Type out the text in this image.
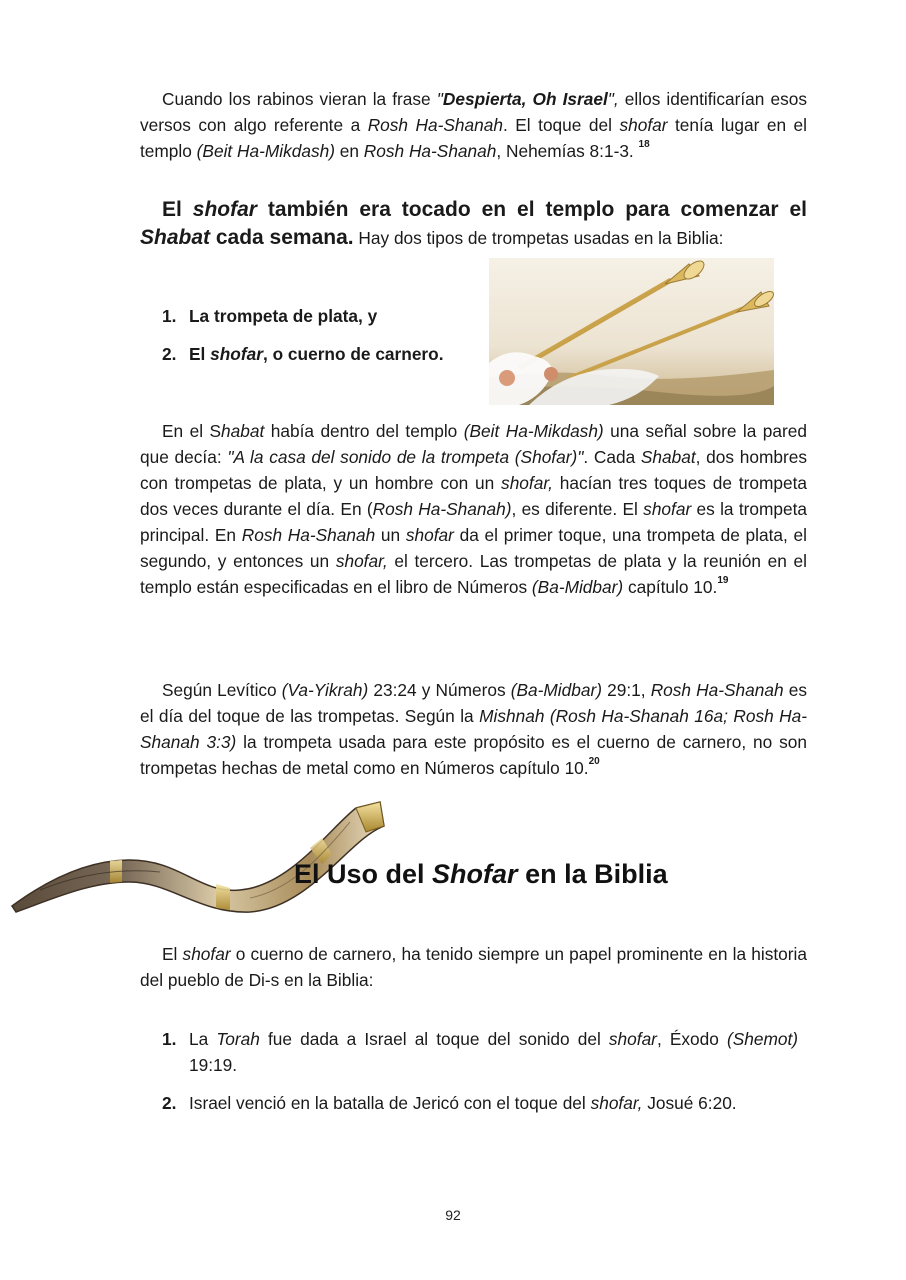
Cuando los rabinos vieran la frase "Despierta, Oh Israel", ellos identificarían esos versos con algo referente a Rosh Ha-Shanah. El toque del shofar tenía lugar en el templo (Beit Ha-Mikdash) en Rosh Ha-Shanah, Nehemías 8:1-3. $^{18}$

El shofar también era tocado en el templo para comenzar el Shabat cada semana. Hay dos tipos de trompetas usadas en la Biblia:

1. La trompeta de plata, y
2. El shofar, o cuerno de carnero.

En el Shabat había dentro del templo (Beit Ha-Mikdash) una señal sobre la pared que decía: "A la casa del sonido de la trompeta (Shofar)". Cada Shabat, dos hombres con trompetas de plata, y un hombre con un shofar, hacían tres toques de trompeta dos veces durante el día. En (Rosh Ha-Shanah), es diferente. El shofar es la trompeta principal. En Rosh Ha-Shanah un shofar da el primer toque, una trompeta de plata, el segundo, y entonces un shofar, el tercero. Las trompetas de plata y la reunión en el templo están especificadas en el libro de Números (Ba-Midbar) capítulo 10.19

Según Levítico (Va-Yikrah) 23:24 y Números (Ba-Midbar) 29:1, Rosh Ha-Shanah es el día del toque de las trompetas. Según la Mishnah (Rosh Ha-Shanah 16a; Rosh Ha-Shanah 3:3) la trompeta usada para este propósito es el cuerno de carnero, no son trompetas hechas de metal como en Números capítulo 10.20

El Uso del Shofar en la Biblia

El shofar o cuerno de carnero, ha tenido siempre un papel prominente en la historia del pueblo de Di-s en la Biblia:

1. La Torah fue dada a Israel al toque del sonido del shofar, Éxodo (Shemot) 19:19.
2. Israel venció en la batalla de Jericó con el toque del shofar, Josué 6:20.
92
